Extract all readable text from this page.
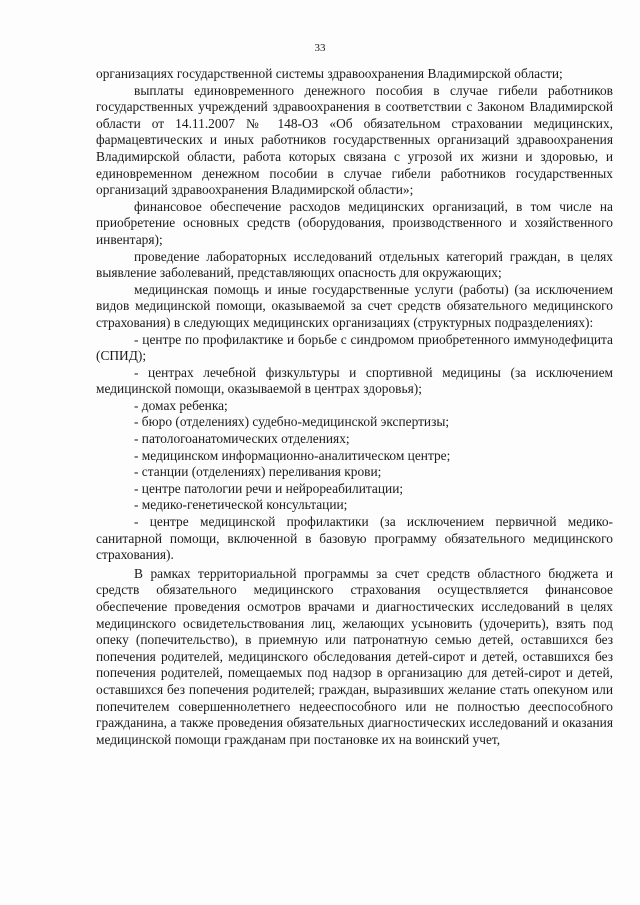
33

организациях государственной системы здравоохранения Владимирской области;

выплаты единовременного денежного пособия в случае гибели работников государственных учреждений здравоохранения в соответствии с Законом Владимирской области от 14.11.2007 № 148-ОЗ «Об обязательном страховании медицинских, фармацевтических и иных работников государственных организаций здравоохранения Владимирской области, работа которых связана с угрозой их жизни и здоровью, и единовременном денежном пособии в случае гибели работников государственных организаций здравоохранения Владимирской области»;

финансовое обеспечение расходов медицинских организаций, в том числе на приобретение основных средств (оборудования, производственного и хозяйственного инвентаря);

проведение лабораторных исследований отдельных категорий граждан, в целях выявление заболеваний, представляющих опасность для окружающих;

медицинская помощь и иные государственные услуги (работы) (за исключением видов медицинской помощи, оказываемой за счет средств обязательного медицинского страхования) в следующих медицинских организациях (структурных подразделениях):

- центре по профилактике и борьбе с синдромом приобретенного иммунодефицита (СПИД);

- центрах лечебной физкультуры и спортивной медицины (за исключением медицинской помощи, оказываемой в центрах здоровья);

- домах ребенка;

- бюро (отделениях) судебно-медицинской экспертизы;

- патологоанатомических отделениях;

- медицинском информационно-аналитическом центре;

- станции (отделениях) переливания крови;

- центре патологии речи и нейрореабилитации;

- медико-генетической консультации;

- центре медицинской профилактики (за исключением первичной медико-санитарной помощи, включенной в базовую программу обязательного медицинского страхования).

В рамках территориальной программы за счет средств областного бюджета и средств обязательного медицинского страхования осуществляется финансовое обеспечение проведения осмотров врачами и диагностических исследований в целях медицинского освидетельствования лиц, желающих усыновить (удочерить), взять под опеку (попечительство), в приемную или патронатную семью детей, оставшихся без попечения родителей, медицинского обследования детей-сирот и детей, оставшихся без попечения родителей, помещаемых под надзор в организацию для детей-сирот и детей, оставшихся без попечения родителей; граждан, выразивших желание стать опекуном или попечителем совершеннолетнего недееспособного или не полностью дееспособного гражданина, а также проведения обязательных диагностических исследований и оказания медицинской помощи гражданам при постановке их на воинский учет,
